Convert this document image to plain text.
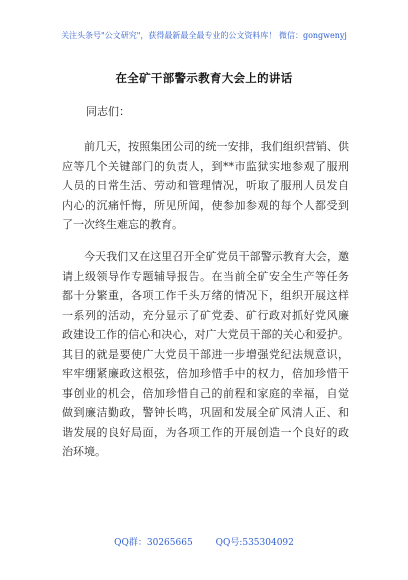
关注头条号"公文研究"，获得最新最全最专业的公文资料库！ 微信：gongwenyj
在全矿干部警示教育大会上的讲话
同志们：
前几天，按照集团公司的统一安排，我们组织营销、供
应等几个关键部门的负责人，到**市监狱实地参观了服刑
人员的日常生活、劳动和管理情况，听取了服刑人员发自
内心的沉痛忏悔，所见所闻，使参加参观的每个人都受到
了一次终生难忘的教育。
今天我们又在这里召开全矿党员干部警示教育大会，邀
请上级领导作专题辅导报告。在当前全矿安全生产等任务
都十分繁重，各项工作千头万绪的情况下，组织开展这样
一系列的活动，充分显示了矿党委、矿行政对抓好党风廉
政建设工作的信心和决心，对广大党员干部的关心和爱护。
其目的就是要使广大党员干部进一步增强党纪法规意识，
牢牢绷紧廉政这根弦，倍加珍惜手中的权力，倍加珍惜干
事创业的机会，倍加珍惜自己的前程和家庭的幸福，自觉
做到廉洁勤政，警钟长鸣，巩固和发展全矿风清人正、和
谐发展的良好局面，为各项工作的开展创造一个良好的政
治环境。
QQ群：30265665	QQ号:535304092
